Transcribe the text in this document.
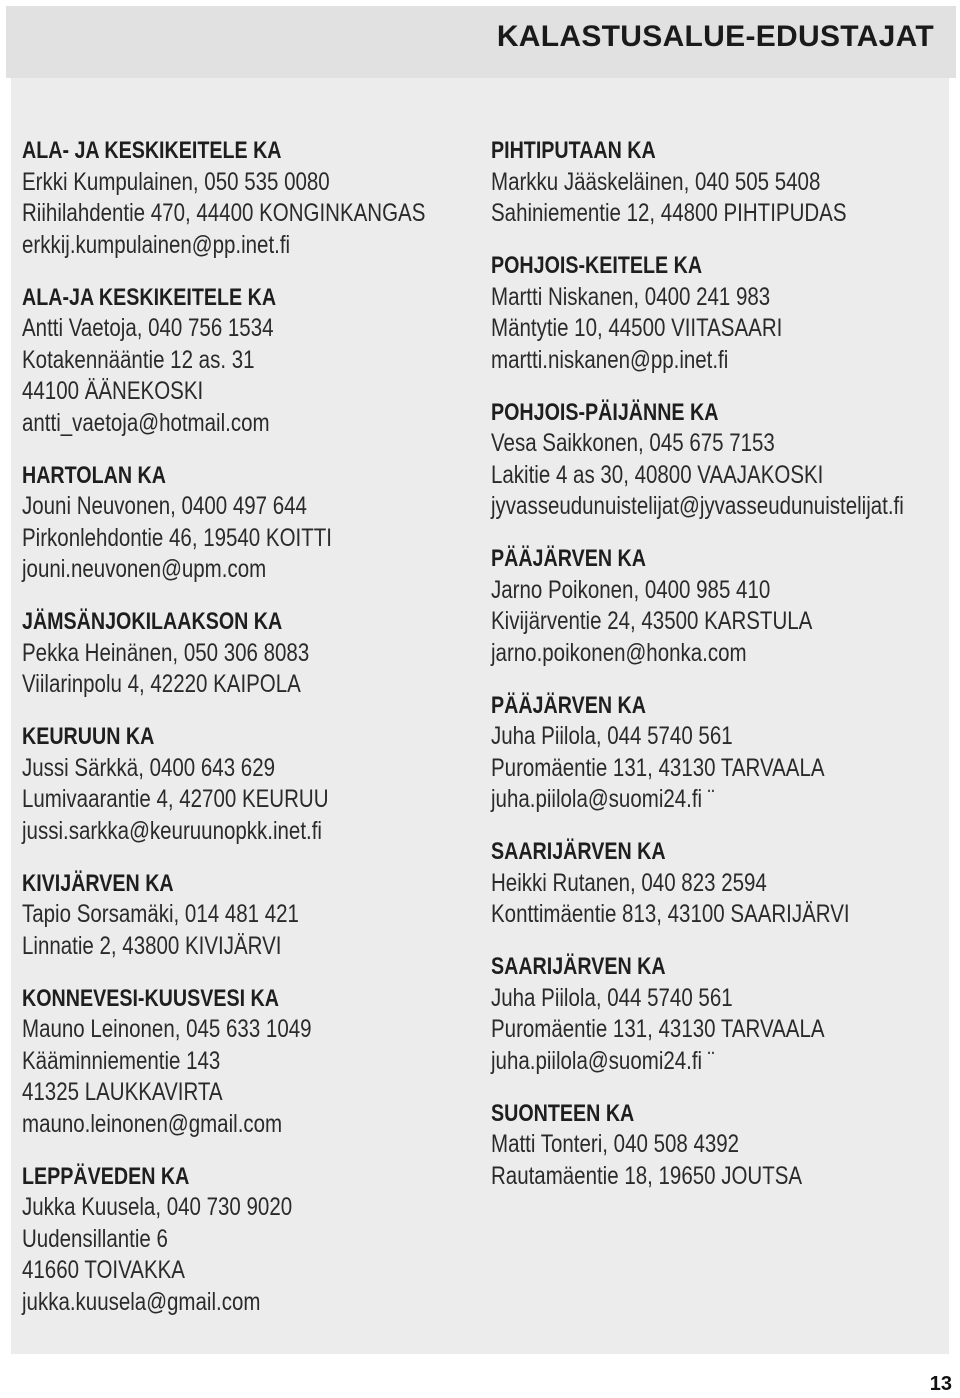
KALASTUSALUE-EDUSTAJAT
ALA- JA KESKIKEITELE KA
Erkki Kumpulainen, 050 535 0080
Riihilahdentie 470, 44400 KONGINKANGAS
erkkij.kumpulainen@pp.inet.fi
ALA-JA KESKIKEITELE KA
Antti Vaetoja, 040 756 1534
Kotakennääntie 12 as. 31
44100 ÄÄNEKOSKI
antti_vaetoja@hotmail.com
HARTOLAN KA
Jouni Neuvonen, 0400 497 644
Pirkonlehdontie 46, 19540 KOITTI
jouni.neuvonen@upm.com
JÄMSÄNJOKILAAKSON KA
Pekka Heinänen, 050 306 8083
Viilarinpolu 4, 42220 KAIPOLA
KEURUUN KA
Jussi Särkkä, 0400 643 629
Lumivaarantie 4, 42700 KEURUU
jussi.sarkka@keuruunopkk.inet.fi
KIVIJÄRVEN KA
Tapio Sorsamäki, 014 481 421
Linnatie 2, 43800 KIVIJÄRVI
KONNEVESI-KUUSVESI KA
Mauno Leinonen, 045 633 1049
Kääminniementie 143
41325 LAUKKAVIRTA
mauno.leinonen@gmail.com
LEPPÄVEDEN KA
Jukka Kuusela, 040 730 9020
Uudensillantie 6
41660 TOIVAKKA
jukka.kuusela@gmail.com
PIHTIPUTAAN KA
Markku Jääskeläinen, 040 505 5408
Sahiniementie 12, 44800 PIHTIPUDAS
POHJOIS-KEITELE KA
Martti Niskanen, 0400 241 983
Mäntytie 10, 44500 VIITASAARI
martti.niskanen@pp.inet.fi
POHJOIS-PÄIJÄNNE KA
Vesa Saikkonen, 045 675 7153
Lakitie 4 as 30, 40800 VAAJAKOSKI
jyvasseudunuistelijat@jyvasseudunuistelijat.fi
PÄÄJÄRVEN KA
Jarno Poikonen, 0400 985 410
Kivijärventie 24, 43500 KARSTULA
jarno.poikonen@honka.com
PÄÄJÄRVEN KA
Juha Piilola, 044 5740 561
Puromäentie 131, 43130 TARVAALA
juha.piilola@suomi24.fi ¨
SAARIJÄRVEN KA
Heikki Rutanen, 040 823 2594
Konttimäentie 813, 43100 SAARIJÄRVI
SAARIJÄRVEN KA
Juha Piilola, 044 5740 561
Puromäentie 131, 43130 TARVAALA
juha.piilola@suomi24.fi ¨
SUONTEEN KA
Matti Tonteri, 040 508 4392
Rautamäentie 18, 19650 JOUTSA
13
